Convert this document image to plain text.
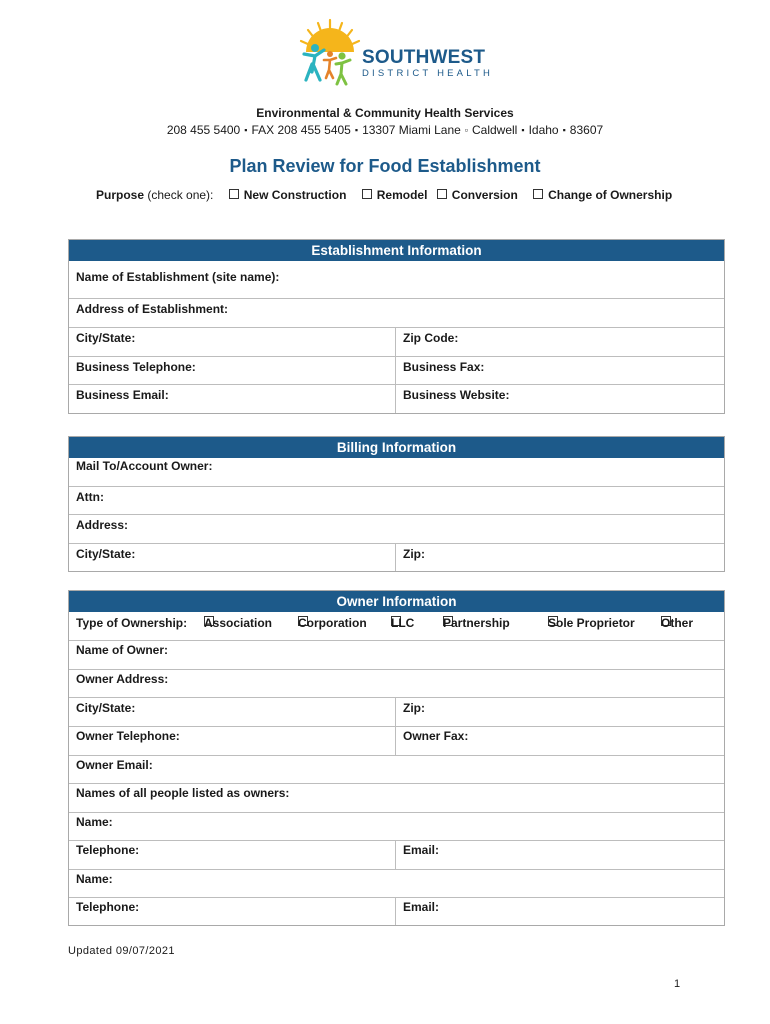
SOUTHWEST
DISTRICT HEALTH
Environmental & Community Health Services
208 455 5400 ▪ FAX 208 455 5405 ▪ 13307 Miami Lane ▫ Caldwell ▪ Idaho ▪ 83607
Plan Review for Food Establishment
Purpose (check one):	New Construction	Remodel Conversion	Change of Ownership
Establishment Information
Name of Establishment (site name):
Address of Establishment:
City/State:	Zip Code:
Business Telephone:	Business Fax:
Business Email:	Business Website:
Billing Information
Mail To/Account Owner:
Attn:
Address:
City/State:	Zip:
Owner Information
Type of Ownership: Association Corporation LLC Partnership	Sole Proprietor Other
Name of Owner:
Owner Address:
City/State:	Zip:
Owner Telephone:	Owner Fax:
Owner Email:
Names of all people listed as owners:
Name:
Telephone:	Email:
Name:
Telephone:	Email:
Updated 09/07/2021
1
